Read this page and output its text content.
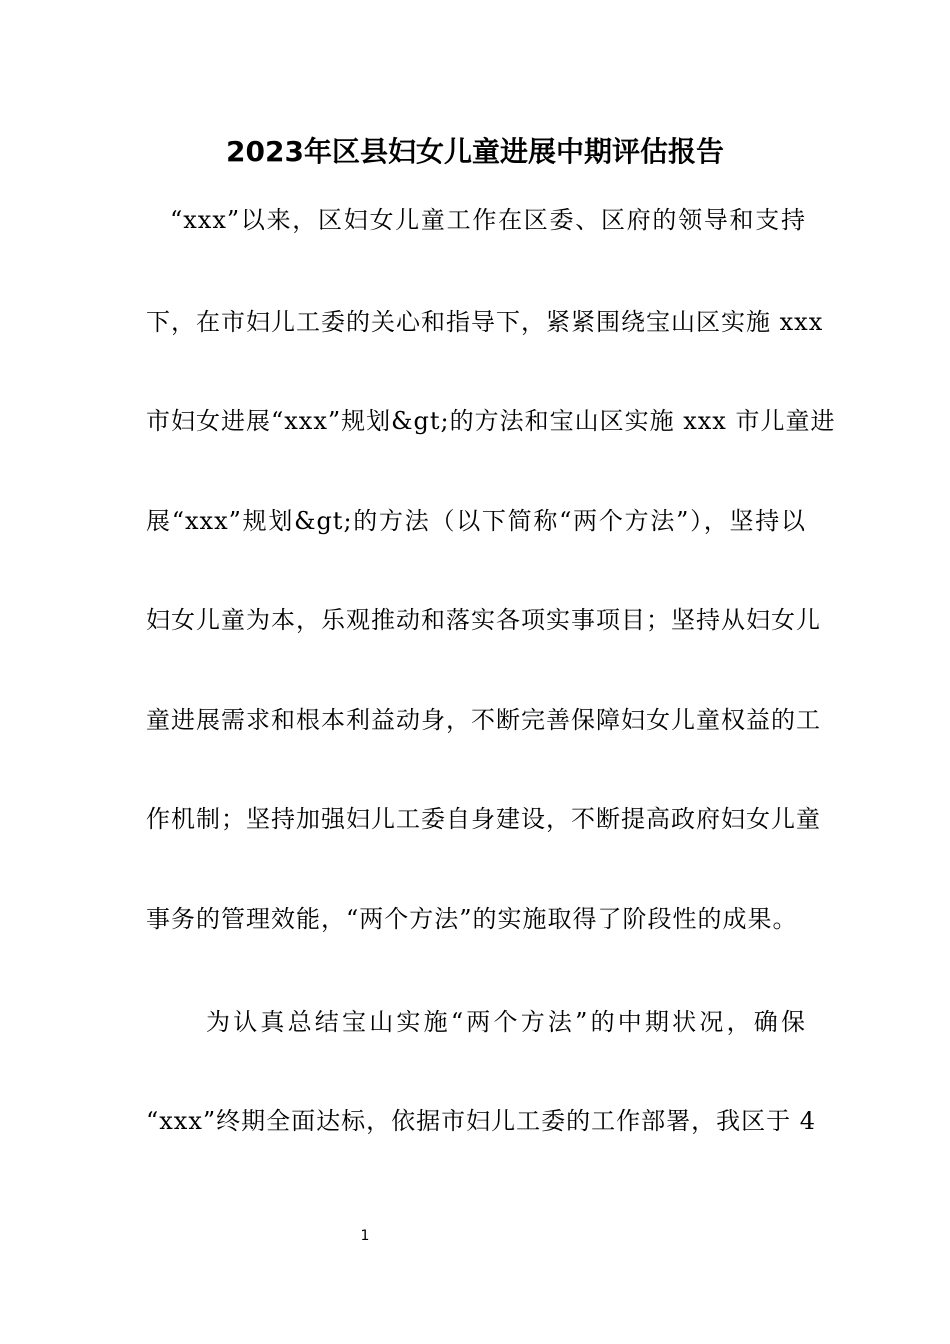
2023年区县妇女儿童进展中期评估报告
“xxx”以来，区妇女儿童工作在区委、区府的领导和支持
下，在市妇儿工委的关心和指导下，紧紧围绕宝山区实施 xxx
市妇女进展“xxx”规划&gt;的方法和宝山区实施 xxx 市儿童进
展“xxx”规划&gt;的方法（以下简称“两个方法”），坚持以
妇女儿童为本，乐观推动和落实各项实事项目；坚持从妇女儿
童进展需求和根本利益动身，不断完善保障妇女儿童权益的工
作机制；坚持加强妇儿工委自身建设，不断提高政府妇女儿童
事务的管理效能，“两个方法”的实施取得了阶段性的成果。
为认真总结宝山实施“两个方法”的中期状况，确保
“xxx”终期全面达标，依据市妇儿工委的工作部署，我区于 4
1
